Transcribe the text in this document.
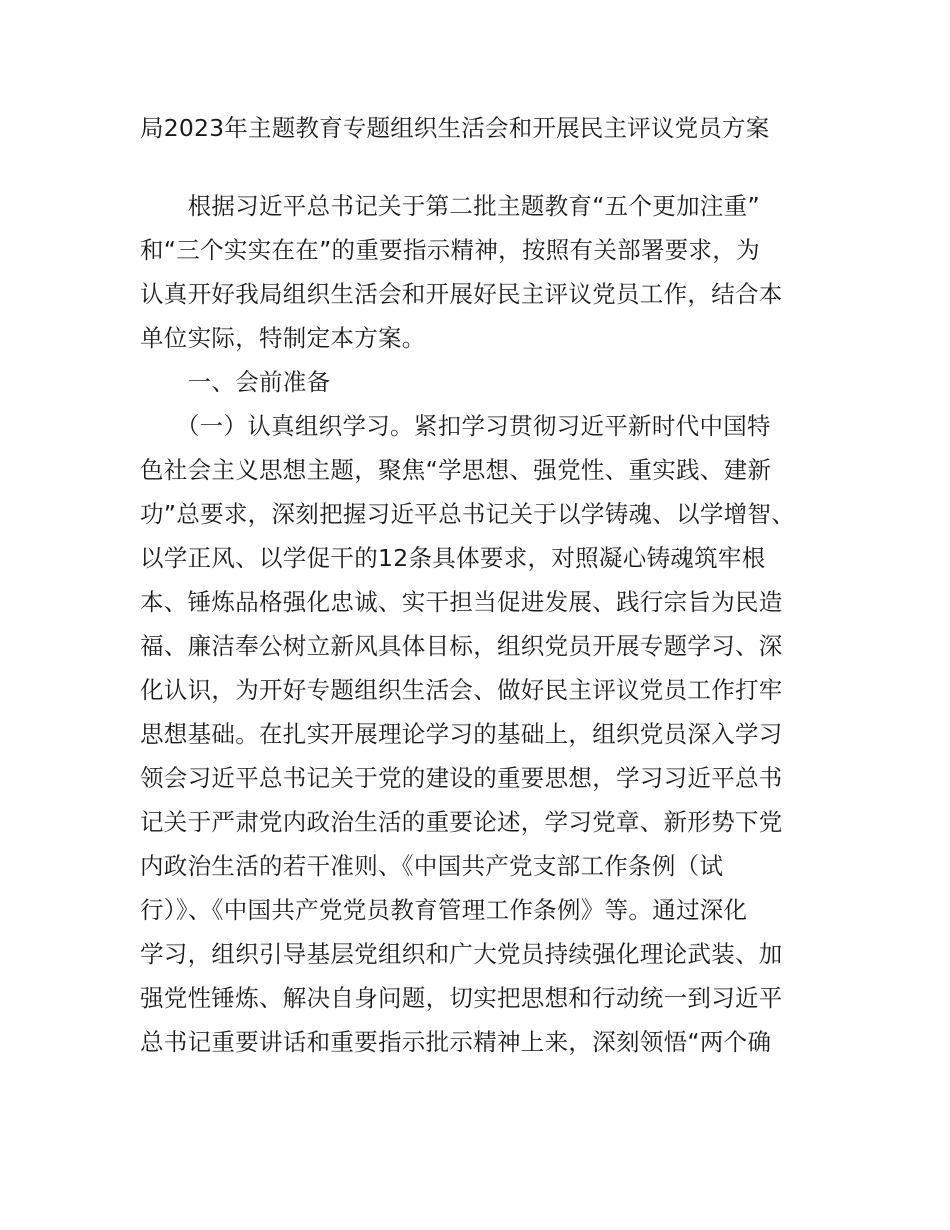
局2023年主题教育专题组织生活会和开展民主评议党员方案
　　根据习近平总书记关于第二批主题教育“五个更加注重”
和“三个实实在在”的重要指示精神，按照有关部署要求，为
认真开好我局组织生活会和开展好民主评议党员工作，结合本
单位实际，特制定本方案。
　　一、会前准备
　　（一）认真组织学习。紧扣学习贯彻习近平新时代中国特
色社会主义思想主题，聚焦“学思想、强党性、重实践、建新
功”总要求，深刻把握习近平总书记关于以学铸魂、以学增智、
以学正风、以学促干的12条具体要求，对照凝心铸魂筑牢根
本、锤炼品格强化忠诚、实干担当促进发展、践行宗旨为民造
福、廉洁奉公树立新风具体目标，组织党员开展专题学习、深
化认识，为开好专题组织生活会、做好民主评议党员工作打牢
思想基础。在扎实开展理论学习的基础上，组织党员深入学习
领会习近平总书记关于党的建设的重要思想，学习习近平总书
记关于严肃党内政治生活的重要论述，学习党章、新形势下党
内政治生活的若干准则、《中国共产党支部工作条例（试
行）》、《中国共产党党员教育管理工作条例》等。通过深化
学习，组织引导基层党组织和广大党员持续强化理论武装、加
强党性锤炼、解决自身问题，切实把思想和行动统一到习近平
总书记重要讲话和重要指示批示精神上来，深刻领悟“两个确
